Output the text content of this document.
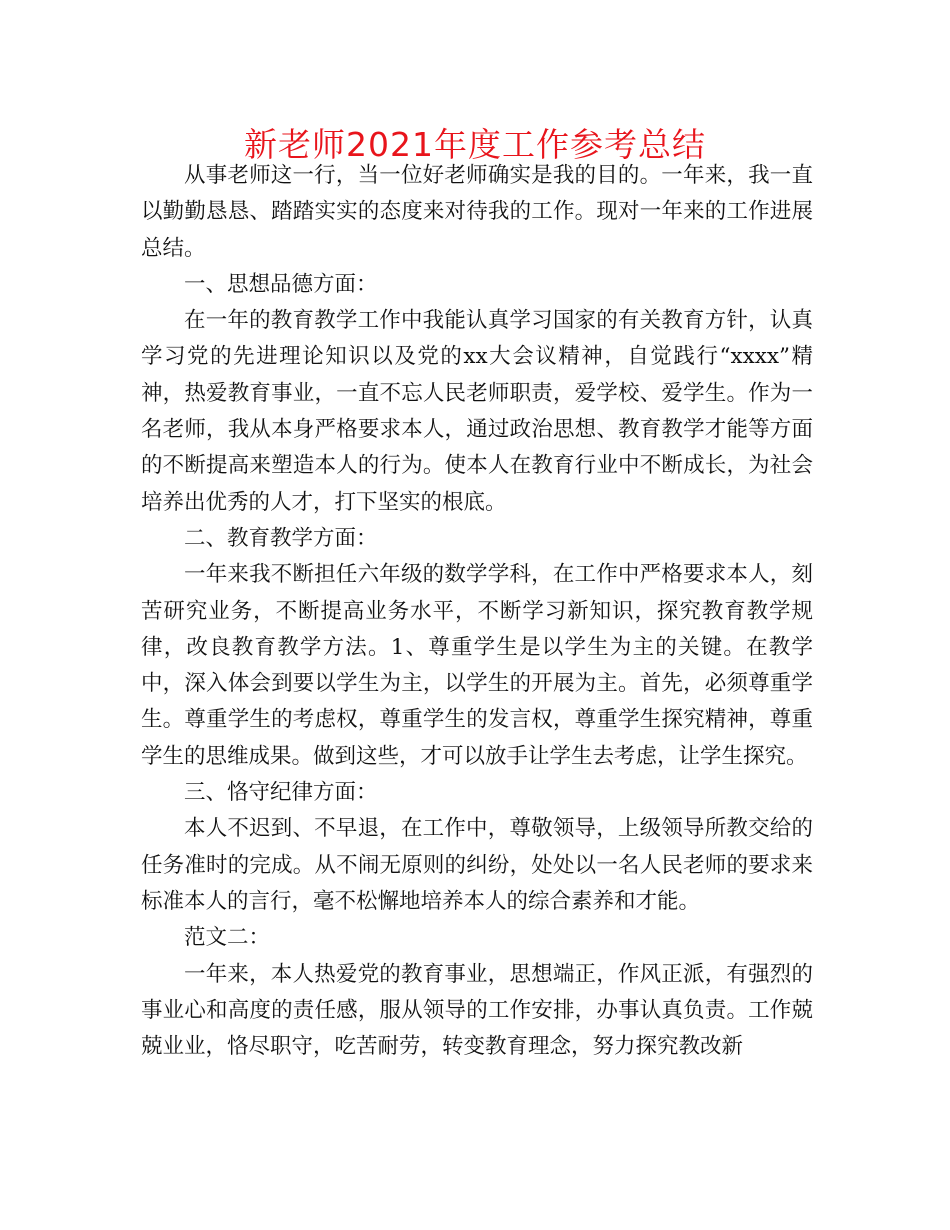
新老师2021年度工作参考总结

从事老师这一行，当一位好老师确实是我的目的。一年来，我一直以勤勤恳恳、踏踏实实的态度来对待我的工作。现对一年来的工作进展总结。

一、思想品德方面：

在一年的教育教学工作中我能认真学习国家的有关教育方针，认真学习党的先进理论知识以及党的xx大会议精神，自觉践行“xxxx”精神，热爱教育事业，一直不忘人民老师职责，爱学校、爱学生。作为一名老师，我从本身严格要求本人，通过政治思想、教育教学才能等方面的不断提高来塑造本人的行为。使本人在教育行业中不断成长，为社会培养出优秀的人才，打下坚实的根底。

二、教育教学方面：

一年来我不断担任六年级的数学学科，在工作中严格要求本人，刻苦研究业务，不断提高业务水平，不断学习新知识，探究教育教学规律，改良教育教学方法。1、尊重学生是以学生为主的关键。在教学中，深入体会到要以学生为主，以学生的开展为主。首先，必须尊重学生。尊重学生的考虑权，尊重学生的发言权，尊重学生探究精神，尊重学生的思维成果。做到这些，才可以放手让学生去考虑，让学生探究。

三、恪守纪律方面：

本人不迟到、不早退，在工作中，尊敬领导，上级领导所教交给的任务准时的完成。从不闹无原则的纠纷，处处以一名人民老师的要求来标准本人的言行，毫不松懈地培养本人的综合素养和才能。

范文二：

一年来，本人热爱党的教育事业，思想端正，作风正派，有强烈的事业心和高度的责任感，服从领导的工作安排，办事认真负责。工作兢兢业业，恪尽职守，吃苦耐劳，转变教育理念，努力探究教改新
